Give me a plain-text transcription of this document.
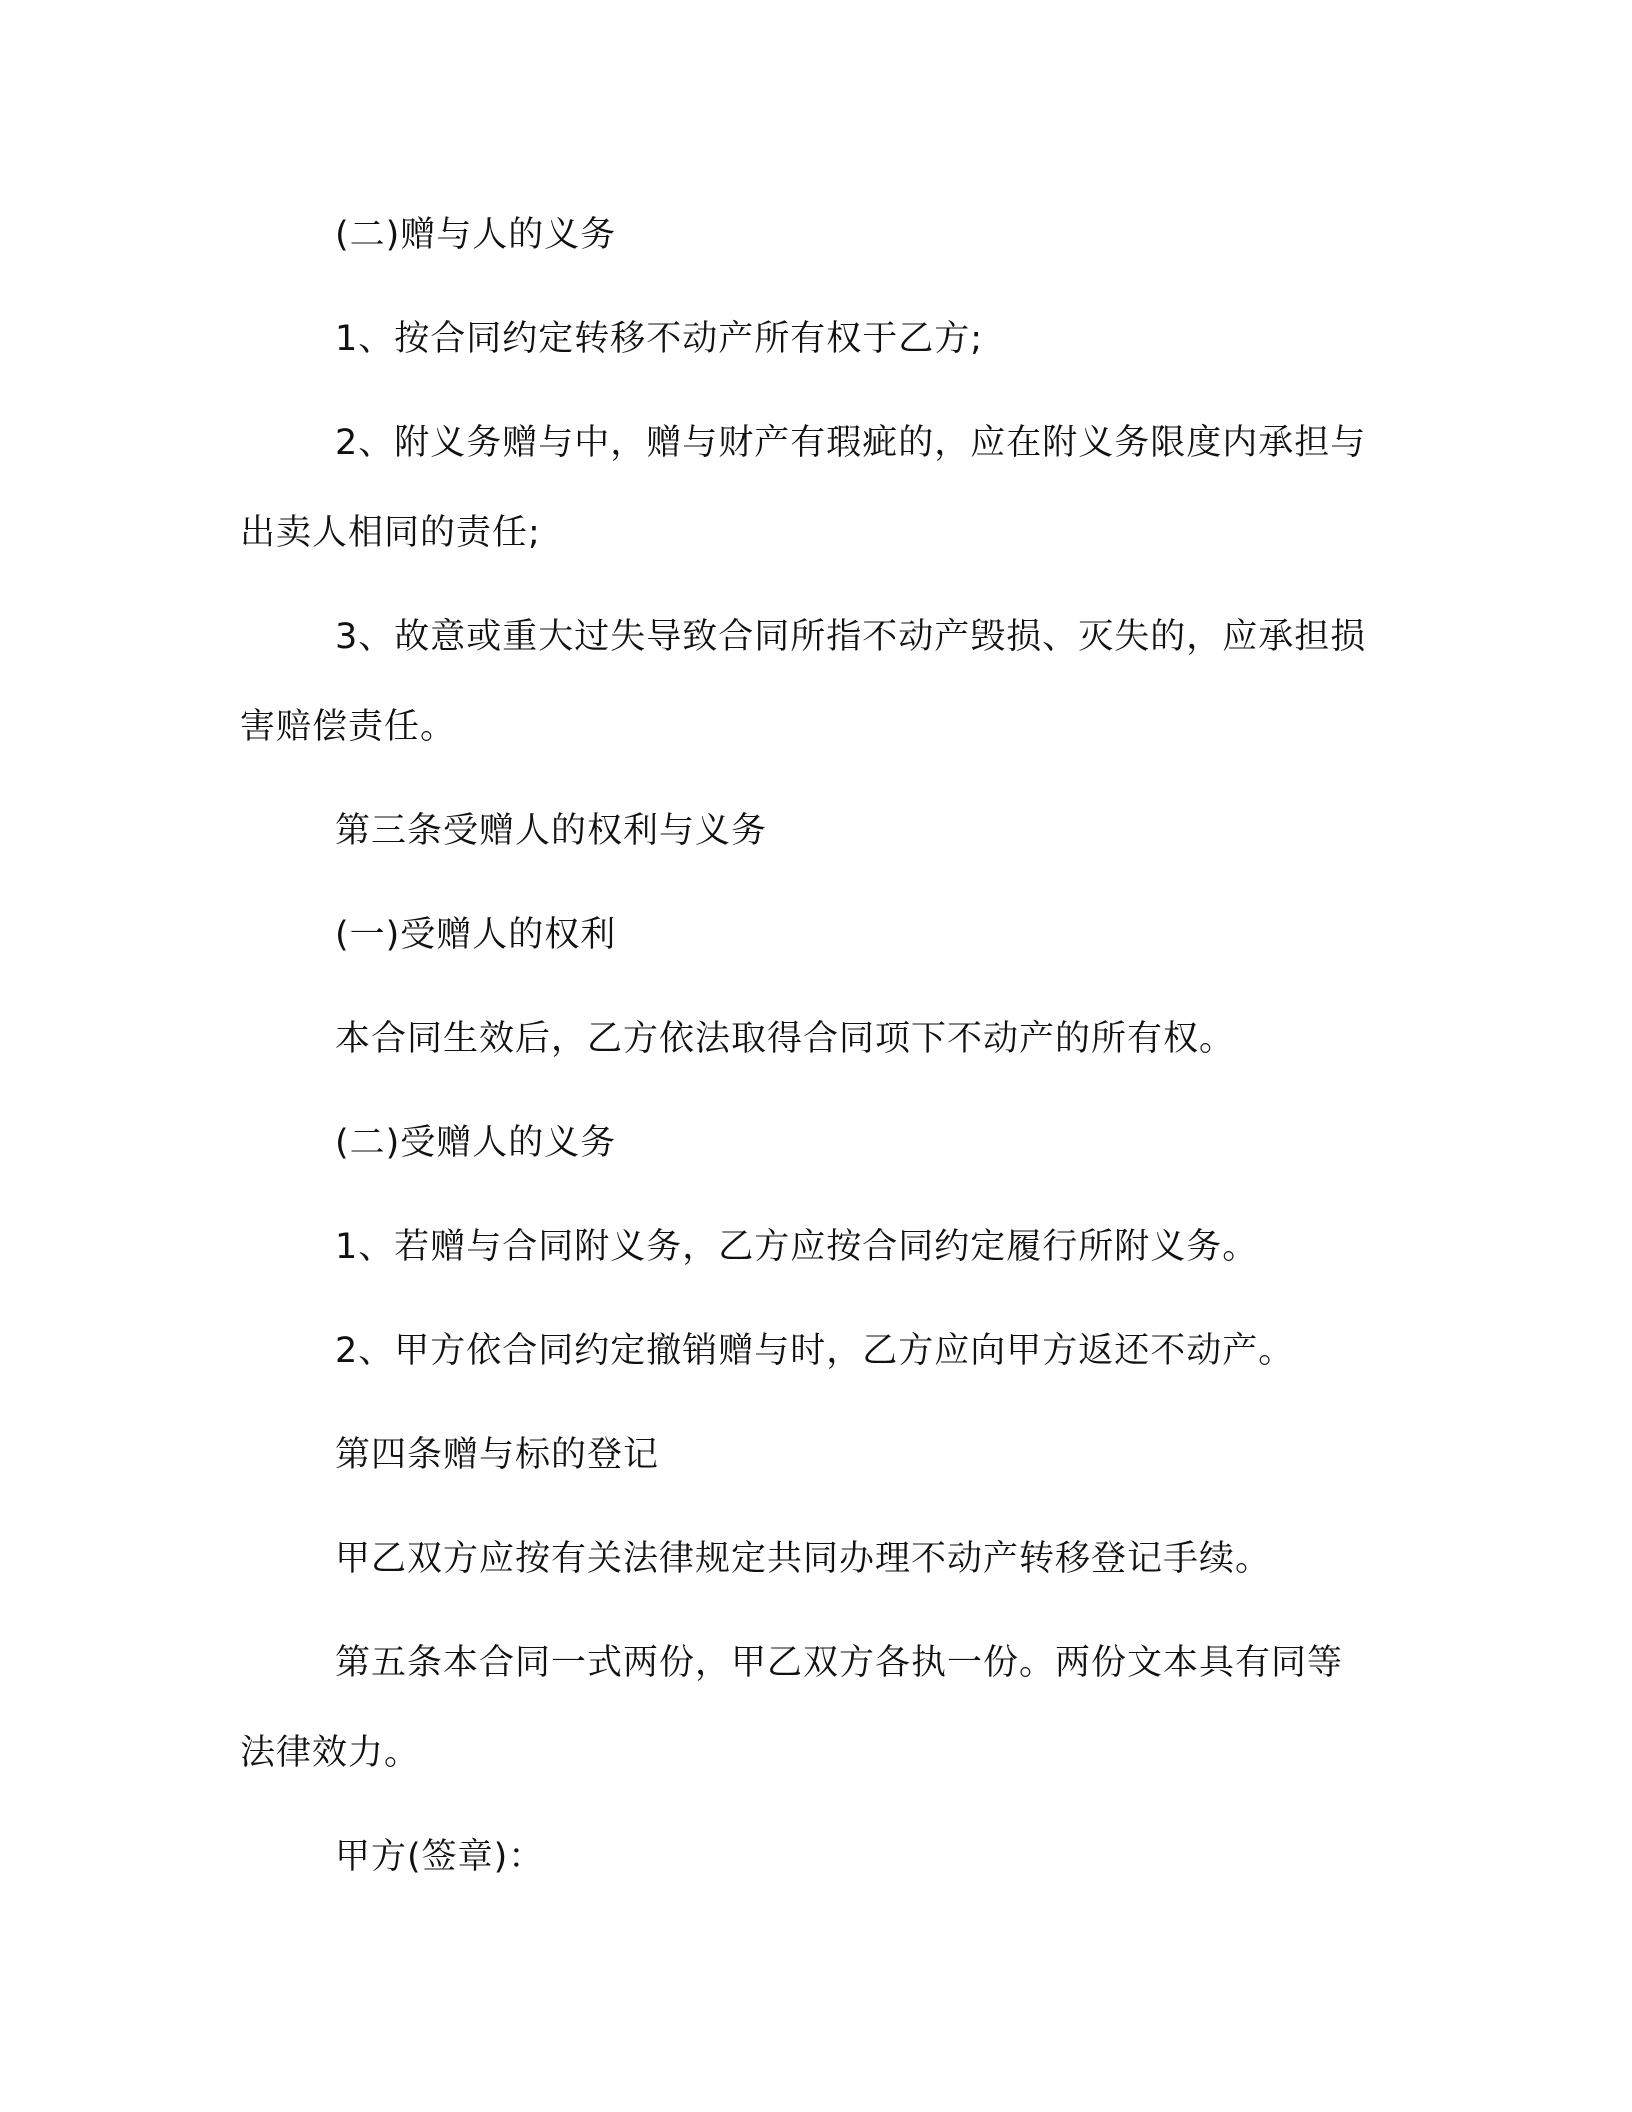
(二)赠与人的义务

1、按合同约定转移不动产所有权于乙方;

2、附义务赠与中，赠与财产有瑕疵的，应在附义务限度内承担与出卖人相同的责任;

3、故意或重大过失导致合同所指不动产毁损、灭失的，应承担损害赔偿责任。

第三条受赠人的权利与义务

(一)受赠人的权利

本合同生效后，乙方依法取得合同项下不动产的所有权。

(二)受赠人的义务

1、若赠与合同附义务，乙方应按合同约定履行所附义务。

2、甲方依合同约定撤销赠与时，乙方应向甲方返还不动产。

第四条赠与标的登记

甲乙双方应按有关法律规定共同办理不动产转移登记手续。

第五条本合同一式两份，甲乙双方各执一份。两份文本具有同等法律效力。

甲方(签章)：
